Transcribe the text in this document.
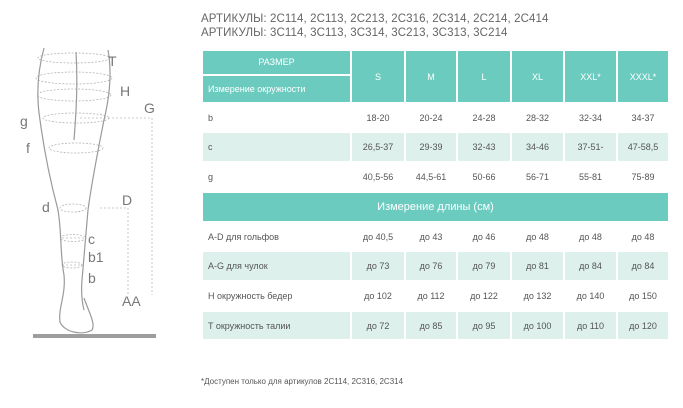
АРТИКУЛЫ: 2С114, 2С113, 2С213, 2С316, 2С314, 2С214, 2С414
АРТИКУЛЫ: 3С114, 3С113, 3С314, 3С213, 3С313, 3С214
T
H
G
g
f
d	D
c
b1
b
AA
РАЗМЕР	S	M	L	XL	XXL*	XXXL*
Измерение окружности						
b	18-20	20-24	24-28	28-32	32-34	34-37
c	26,5-37	29-39	32-43	34-46	37-51-	47-58,5
g	40,5-56	44,5-61	50-66	56-71	55-81	75-89
Измерение длины (см)						
A-D для гольфов	до 40,5	до 43	до 46	до 48	до 48	до 48
A-G для чулок	до 73	до 76	до 79	до 81	до 84	до 84
H окружность бедер	до 102	до 112	до 122	до 132	до 140	до 150
T окружность талии	до 72	до 85	до 95	до 100	до 110	до 120
*Доступен только для артикулов 2С114, 2С316, 2С314
